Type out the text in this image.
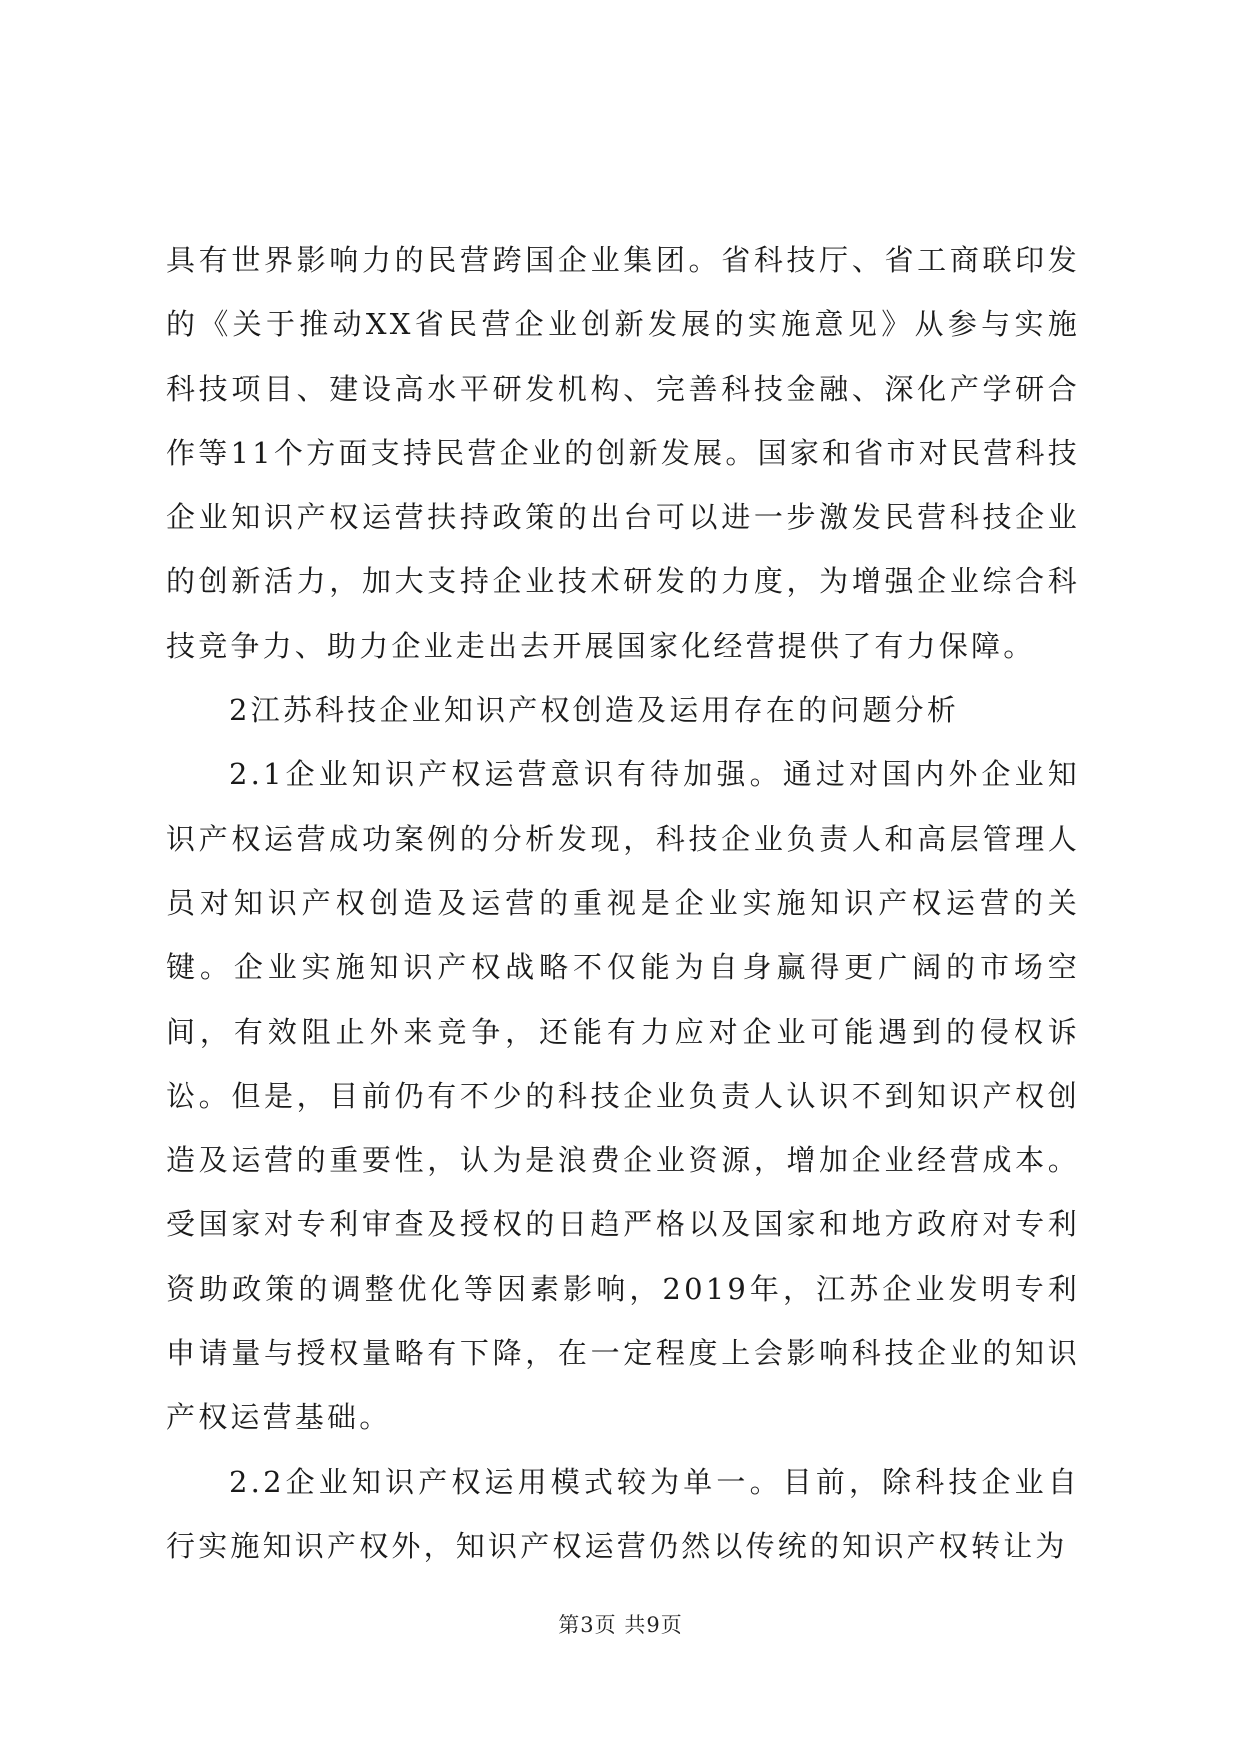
具有世界影响力的民营跨国企业集团。省科技厅、省工商联印发的《关于推动XX省民营企业创新发展的实施意见》从参与实施科技项目、建设高水平研发机构、完善科技金融、深化产学研合作等11个方面支持民营企业的创新发展。国家和省市对民营科技企业知识产权运营扶持政策的出台可以进一步激发民营科技企业的创新活力，加大支持企业技术研发的力度，为增强企业综合科技竞争力、助力企业走出去开展国家化经营提供了有力保障。

2江苏科技企业知识产权创造及运用存在的问题分析

2.1企业知识产权运营意识有待加强。通过对国内外企业知识产权运营成功案例的分析发现，科技企业负责人和高层管理人员对知识产权创造及运营的重视是企业实施知识产权运营的关键。企业实施知识产权战略不仅能为自身赢得更广阔的市场空间，有效阻止外来竞争，还能有力应对企业可能遇到的侵权诉讼。但是，目前仍有不少的科技企业负责人认识不到知识产权创造及运营的重要性，认为是浪费企业资源，增加企业经营成本。受国家对专利审查及授权的日趋严格以及国家和地方政府对专利资助政策的调整优化等因素影响，2019年，江苏企业发明专利申请量与授权量略有下降，在一定程度上会影响科技企业的知识产权运营基础。

2.2企业知识产权运用模式较为单一。目前，除科技企业自行实施知识产权外，知识产权运营仍然以传统的知识产权转让为

第3页 共9页
